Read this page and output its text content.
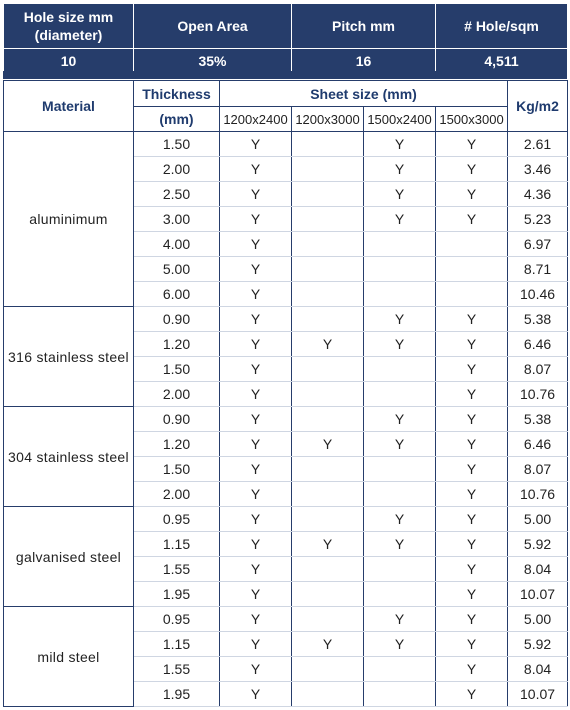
Hole size mm (diameter)	Open Area	Pitch mm	# Hole/sqm
10	35%	16	4,511
Material	Thickness	Sheet size (mm)				Kg/m2
	(mm)	1200x2400	1200x3000	1500x2400	1500x3000	
aluminimum	1.50	Y		Y	Y	2.61
	2.00	Y		Y	Y	3.46
	2.50	Y		Y	Y	4.36
	3.00	Y		Y	Y	5.23
	4.00	Y				6.97
	5.00	Y				8.71
	6.00	Y				10.46
316 stainless steel	0.90	Y		Y	Y	5.38
	1.20	Y	Y	Y	Y	6.46
	1.50	Y			Y	8.07
	2.00	Y			Y	10.76
304 stainless steel	0.90	Y		Y	Y	5.38
	1.20	Y	Y	Y	Y	6.46
	1.50	Y			Y	8.07
	2.00	Y			Y	10.76
galvanised steel	0.95	Y		Y	Y	5.00
	1.15	Y	Y	Y	Y	5.92
	1.55	Y			Y	8.04
	1.95	Y			Y	10.07
mild steel	0.95	Y		Y	Y	5.00
	1.15	Y	Y	Y	Y	5.92
	1.55	Y			Y	8.04
	1.95	Y			Y	10.07
